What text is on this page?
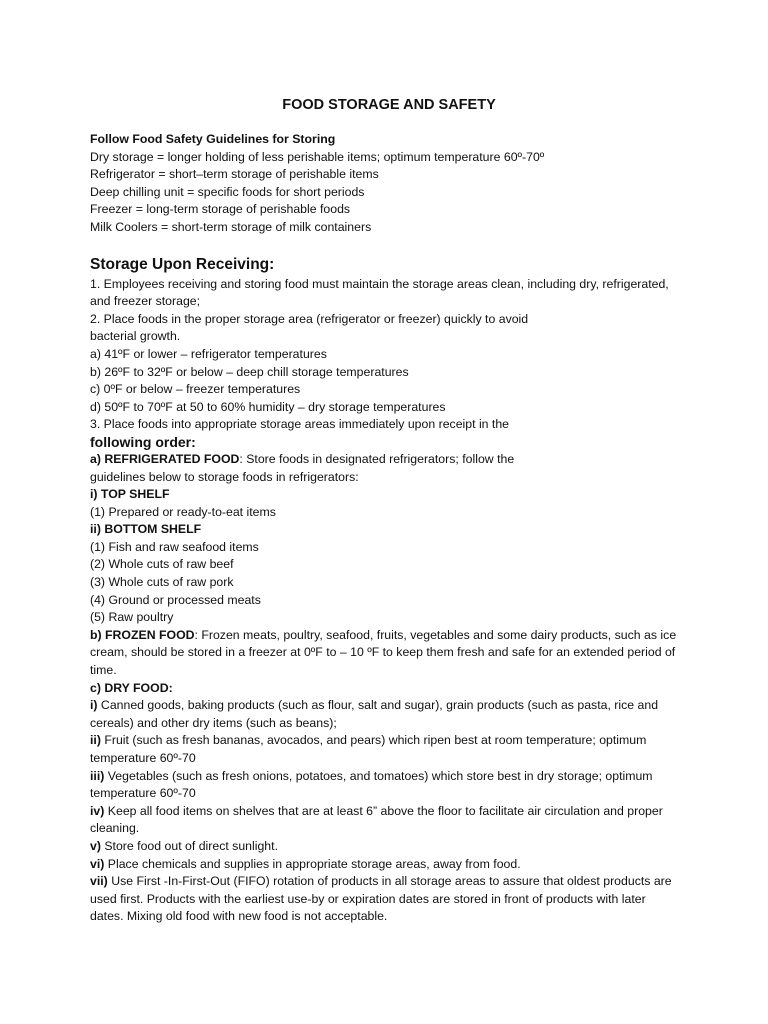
FOOD STORAGE AND SAFETY
Follow Food Safety Guidelines for Storing
Dry storage = longer holding of less perishable items; optimum temperature 60º-70º
Refrigerator = short–term storage of perishable items
Deep chilling unit = specific foods for short periods
Freezer = long-term storage of perishable foods
Milk Coolers = short-term storage of milk containers
Storage Upon Receiving:

1. Employees receiving and storing food must maintain the storage areas clean, including dry, refrigerated, and freezer storage;

2. Place foods in the proper storage area (refrigerator or freezer) quickly to avoid
bacterial growth.
a) 41ºF or lower – refrigerator temperatures
b) 26ºF to 32ºF or below – deep chill storage temperatures
c) 0ºF or below – freezer temperatures
d) 50ºF to 70ºF at 50 to 60% humidity – dry storage temperatures
3. Place foods into appropriate storage areas immediately upon receipt in the
following order:
a) REFRIGERATED FOOD: Store foods in designated refrigerators; follow the
guidelines below to storage foods in refrigerators:
i) TOP SHELF
(1) Prepared or ready-to-eat items
ii) BOTTOM SHELF
(1) Fish and raw seafood items
(2) Whole cuts of raw beef
(3) Whole cuts of raw pork
(4) Ground or processed meats
(5) Raw poultry

b) FROZEN FOOD: Frozen meats, poultry, seafood, fruits, vegetables and some dairy products, such as ice cream, should be stored in a freezer at 0ºF to – 10 ºF to keep them fresh and safe for an extended period of time.

c) DRY FOOD:

i) Canned goods, baking products (such as flour, salt and sugar), grain products (such as pasta, rice and cereals) and other dry items (such as beans);

ii) Fruit (such as fresh bananas, avocados, and pears) which ripen best at room temperature; optimum temperature 60º-70

iii) Vegetables (such as fresh onions, potatoes, and tomatoes) which store best in dry storage; optimum temperature 60º-70

iv) Keep all food items on shelves that are at least 6” above the floor to facilitate air circulation and proper cleaning.

v) Store food out of direct sunlight.

vi) Place chemicals and supplies in appropriate storage areas, away from food.

vii) Use First -In-First-Out (FIFO) rotation of products in all storage areas to assure that oldest products are used first. Products with the earliest use-by or expiration dates are stored in front of products with later dates. Mixing old food with new food is not acceptable.
